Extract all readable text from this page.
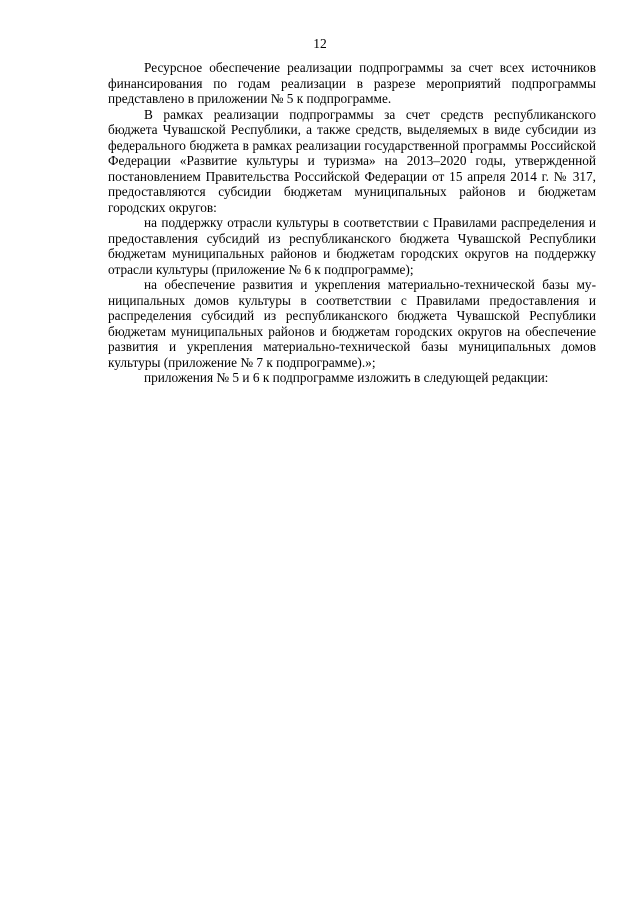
12

Ресурсное обеспечение реализации подпрограммы за счет всех источников финансирования по годам реализации в разрезе мероприятий подпрограммы представлено в приложении № 5 к подпрограмме.

В рамках реализации подпрограммы за счет средств республиканского бюджета Чувашской Республики, а также средств, выделяемых в виде субсидии из федерального бюджета в рамках реализации государственной программы Российской Федерации «Развитие культуры и туризма» на 2013–2020 годы, утвержденной постановлением Правительства Российской Федерации от 15 апреля 2014 г. № 317, предоставляются субсидии бюджетам муниципальных районов и бюджетам городских округов:

на поддержку отрасли культуры в соответствии с Правилами распределения и предоставления субсидий из республиканского бюджета Чувашской Республики бюджетам муниципальных районов и бюджетам городских округов на поддержку отрасли культуры (приложение № 6 к подпрограмме);

на обеспечение развития и укрепления материально-технической базы муниципальных домов культуры в соответствии с Правилами предоставления и распределения субсидий из республиканского бюджета Чувашской Республики бюджетам муниципальных районов и бюджетам городских округов на обеспечение развития и укрепления материально-технической базы муниципальных домов культуры (приложение № 7 к подпрограмме).»;

приложения № 5 и 6 к подпрограмме изложить в следующей редакции:
